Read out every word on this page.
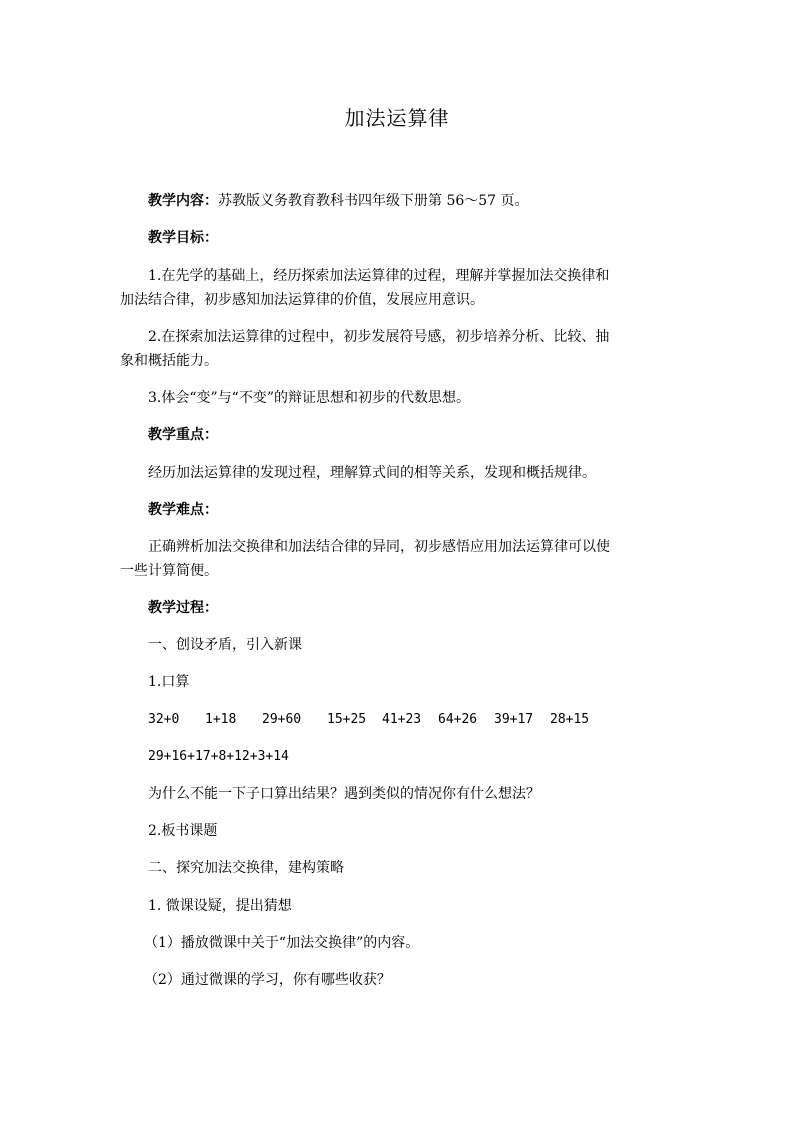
加法运算律
教学内容：苏教版义务教育教科书四年级下册第 56～57 页。
教学目标：
1.在先学的基础上，经历探索加法运算律的过程，理解并掌握加法交换律和
加法结合律，初步感知加法运算律的价值，发展应用意识。
2.在探索加法运算律的过程中，初步发展符号感，初步培养分析、比较、抽
象和概括能力。
3.体会“变”与“不变”的辩证思想和初步的代数思想。
教学重点：
经历加法运算律的发现过程，理解算式间的相等关系，发现和概括规律。
教学难点：
正确辨析加法交换律和加法结合律的异同，初步感悟应用加法运算律可以使
一些计算简便。
教学过程：
一、创设矛盾，引入新课
1.口算
32+0 1+18 29+60 15+25 41+23 64+26 39+17 28+15
29+16+17+8+12+3+14
为什么不能一下子口算出结果？遇到类似的情况你有什么想法？
2.板书课题
二、探究加法交换律，建构策略
1. 微课设疑，提出猜想
（1）播放微课中关于“加法交换律”的内容。
（2）通过微课的学习，你有哪些收获？
